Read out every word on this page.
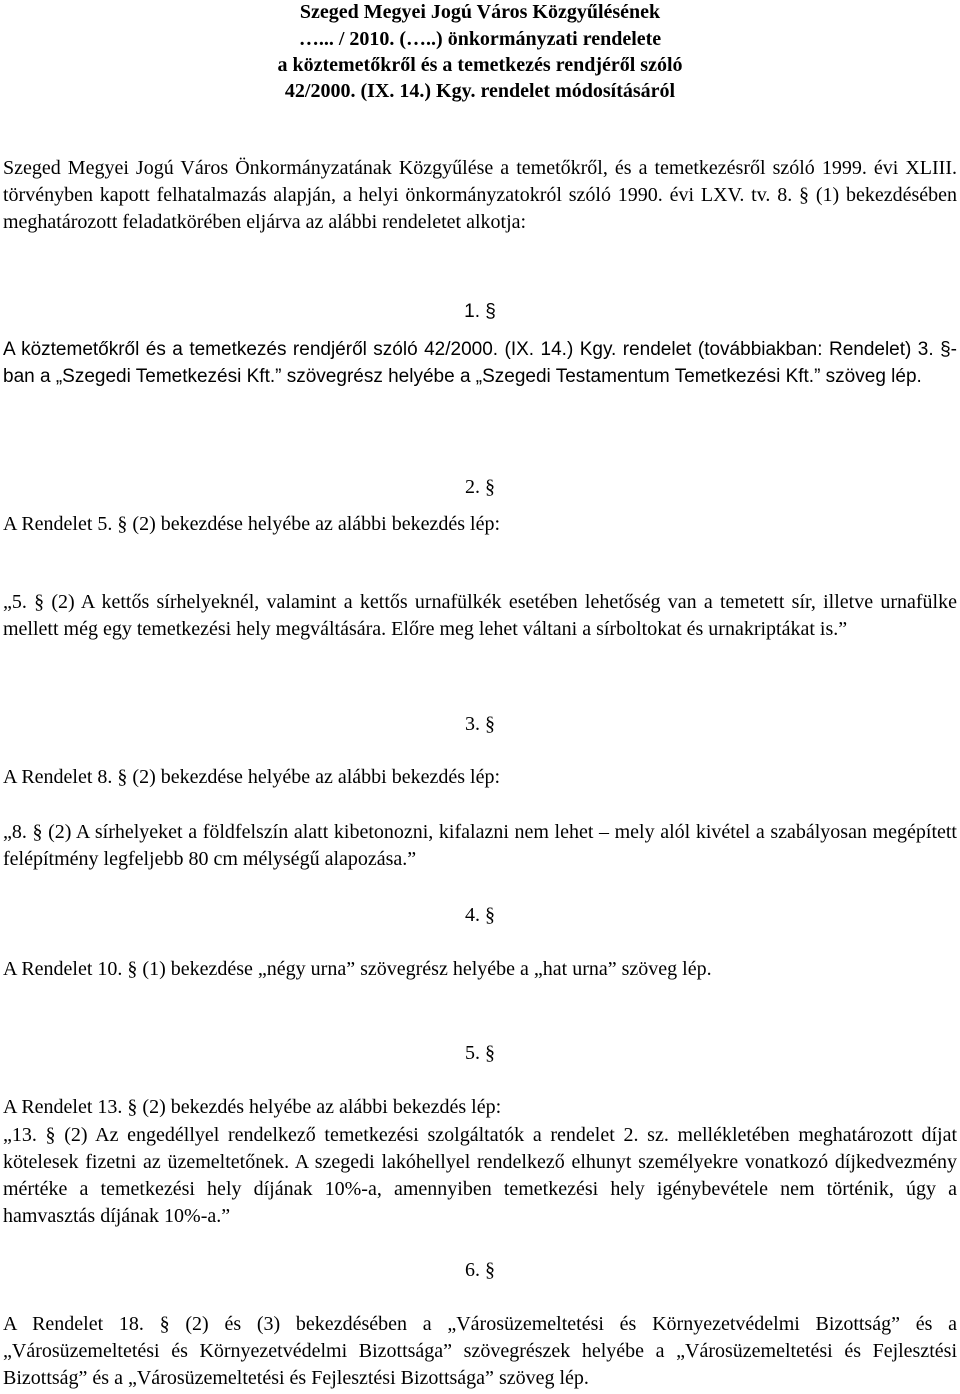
Szeged Megyei Jogú Város Közgyűlésének
…... / 2010. (…..) önkormányzati rendelete
a köztemetőkről és a temetkezés rendjéről szóló
42/2000. (IX. 14.) Kgy. rendelet módosításáról

Szeged Megyei Jogú Város Önkormányzatának Közgyűlése a temetőkről, és a temetkezésről szóló 1999. évi XLIII. törvényben kapott felhatalmazás alapján, a helyi önkormányzatokról szóló 1990. évi LXV. tv. 8. § (1) bekezdésében meghatározott feladatkörében eljárva az alábbi rendeletet alkotja:

1. §

A köztemetőkről és a temetkezés rendjéről szóló 42/2000. (IX. 14.) Kgy. rendelet (továbbiakban: Rendelet) 3. §-ban a „Szegedi Temetkezési Kft.” szövegrész helyébe a „Szegedi Testamentum Temetkezési Kft.” szöveg lép.

2. §

A Rendelet 5. § (2) bekezdése helyébe az alábbi bekezdés lép:

„5. § (2) A kettős sírhelyeknél, valamint a kettős urnafülkék esetében lehetőség van a temetett sír, illetve urnafülke mellett még egy temetkezési hely megváltására. Előre meg lehet váltani a sírboltokat és urnakriptákat is.”

3. §

A Rendelet 8. § (2) bekezdése helyébe az alábbi bekezdés lép:

„8. § (2) A sírhelyeket a földfelszín alatt kibetonozni, kifalazni nem lehet – mely alól kivétel a szabályosan megépített felépítmény legfeljebb 80 cm mélységű alapozása.”

4. §

A Rendelet 10. § (1) bekezdése „négy urna” szövegrész helyébe a „hat urna” szöveg lép.

5. §

A Rendelet 13. § (2) bekezdés helyébe az alábbi bekezdés lép:

„13. § (2) Az engedéllyel rendelkező temetkezési szolgáltatók a rendelet 2. sz. mellékletében meghatározott díjat kötelesek fizetni az üzemeltetőnek. A szegedi lakóhellyel rendelkező elhunyt személyekre vonatkozó díjkedvezmény mértéke a temetkezési hely díjának 10%-a, amennyiben temetkezési hely igénybevétele nem történik, úgy a hamvasztás díjának 10%-a.”

6. §

A Rendelet 18. § (2) és (3) bekezdésében a „Városüzemeltetési és Környezetvédelmi Bizottság” és a „Városüzemeltetési és Környezetvédelmi Bizottsága” szövegrészek helyébe a „Városüzemeltetési és Fejlesztési Bizottság” és a „Városüzemeltetési és Fejlesztési Bizottsága” szöveg lép.
